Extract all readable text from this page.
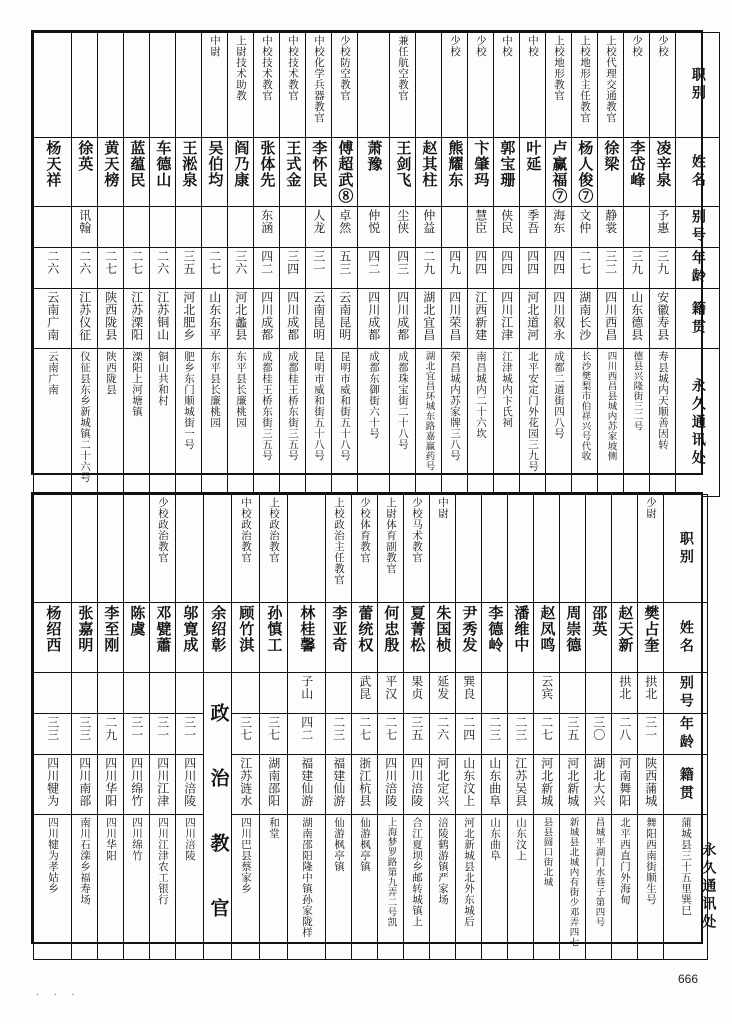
						中尉	上尉技术助教	中校技术教官	中校技术教官	中校化学兵器教官	少校防空教官		兼任航空教官		少校	少校	中校	中校	上校地形教官	上校地形主任教官	上校代理交通教官	少校	少校	职别

杨天祥	徐英	黄天榜	蓝蕴民	车德山	王淞泉	吴伯均	阎乃康	张体先	王式金	李怀民	傅超武⑧	萧豫	王剑飞	赵其柱	熊耀东	卞肇玛	郭宝珊	叶延	卢赢福⑦	杨人俊⑦	徐梁	李岱峰	凌辛泉	姓名

	讯翰							东涵		人龙	卓然	仲悦	尘侠	仲益		慧臣	侠民	季吾	海东	文仲	静裳		予惠	别号

二六	二六	二七	二七	二六	三五	二七	三六	四二	三四	三一	五三	四二	四三	二九	四九	四四	四四	四四	四四	二七	三二	三九	三九	年龄

云南广南	江苏仪征	陕西陇县	江苏溧阳	江苏铜山	河北肥乡	山东东平	河北蠡县	四川成都	四川成都	云南昆明	云南昆明	四川成都	四川成都	湖北宜昌	四川荣昌	江西新建	四川江津	河北道河	四川叙永	湖南长沙	四川西昌	山东德县	安徽寿县	籍贯

云南广南	仪征县东乡新城镇二十六号	陕西陇县	溧阳上河塘镇	铜山共和村	肥乡东门顺城街一号	东平县长廉桃园	东平县长廉桃园	成都桂王桥东街三五号	成都桂王桥东街三五号	昆明市威和街五十八号	昆明市威和街五十八号	成都东御街六十号	成都珠宝街二十八号	湖北宜昌环城东路嘉赢药号	荣昌城内苏家牌三八号	南昌城内二十六坎	江津城内卞氏祠	北平安定门外花园三九号	成都二道街四八号	长沙樊梨市伯祥兴号代收	四川西昌县城内苏家坡侧	德县兴隆街三二号	寿县城内天顺善因转	永久通讯处

				少校政治教官			中校政治教官	上校政治教官		上校政治主任教官	少校体育教官	上尉体育副教官	少校马术教官	中尉								少尉	职别	

杨绍西	张嘉明	李至刚	陈虞	邓甓蕭	邬寛成	余绍彰	顾竹淇	孙慎工	林桂馨	李亚奇	蕾统权	何忠殷	夏菁松	朱国桢	尹秀发	李德岭	潘维中	赵凤鸣	周崇德	邵英	赵天新	樊占奎	姓名	

						政 治 教 官			子山		武昆	平汉	果贞	延发	巽良			云宾			拱北	拱北	别号	

三三	三三	二九	三一	三一	三一		三七	三七	四二	二三	二七	二七	三五	二六	二四	二三	二三	二七	三五	三〇	二八	三一	年龄	

四川犍为	四川南部	四川华阳	四川绵竹	四川江津	四川涪陵		江苏涟水	湖南邵阳	福建仙游	福建仙游	浙江杭县	四川涪陵	四川涪陵	河北定兴	山东汶上	山东曲阜	江苏吴县	河北新城	河北新城	湖北大兴	河南舞阳	陕西蒲城	籍贯	

四川犍为孝姑乡	南川石滦乡福寿场	四川华阳	四川绵竹	四川江津农工银行	四川涪陵		四川巴县蔡家乡	和堂	湖南邵阳隆中镇孙家陇样	仙游枫亭镇	仙游枫亭镇	上海梦罗路第九弄二号凯	合江夏坝乡邮转城镇上	涪陵鹤游镇严家场	河北新城县北外东城后	山东曲阜	山东汶上	县县圆口街北城	新城县北城内有街少邓弄四七	昌城平湖门水巷子第四号	北平西直门外海甸	舞阳西南街顺生号	蒲城县三十五里巽巳	永久通讯处
. . .
666
